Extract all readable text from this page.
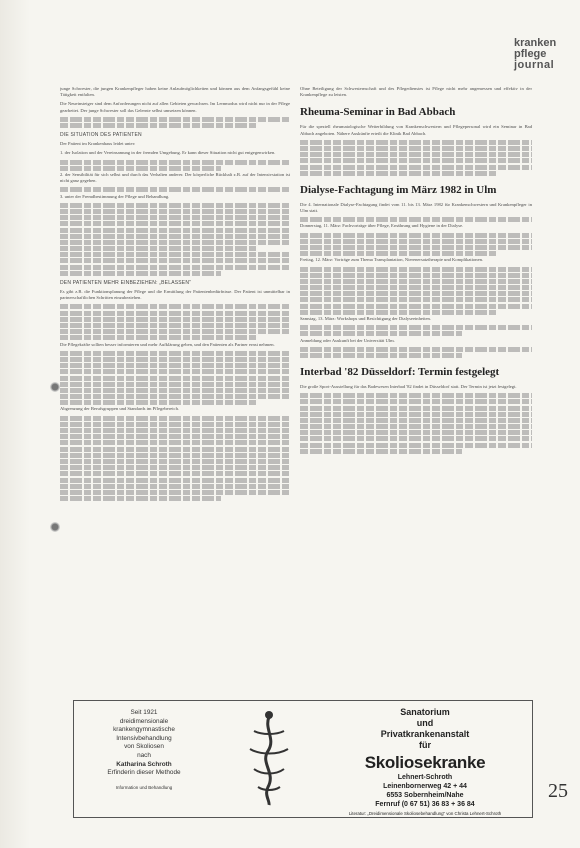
kranken
pflege
journal

junge Schwester, die jungen Krankenpfleger haben keine Anlaufmöglichkeiten und können aus dem Anfangsgefühl keine Tätigkeit entfalten.

Die Neueinsteiger sind dem Anforderungen nicht auf allen Gebieten gewachsen. Im Lernmodus wird nicht nur in der Pflege gearbeitet. Der junge Schwester soll das Gelernte selbst umsetzen können.

DIE SITUATION DES PATIENTEN

Der Patient im Krankenhaus leidet unter:

1. der Isolation und der Vereinsamung in der fremden Umgebung. Er kann dieser Situation nicht gut entgegenwirken.

2. der Sensibilität für sich selbst und durch das Verhalten anderer. Der körperliche Rückhalt z.B. auf der Intensivstation ist nicht ganz gegeben.

3. unter der Fremdbestimmung der Pflege und Behandlung.

DEN PATIENTEN MEHR EINBEZIEHEN: „BELASSEN“

Es gibt z.B. die Funktionsplanung der Pflege und die Ermittlung der Patientenbedürfnisse. Der Patient ist unmittelbar in partnerschaftlichen Schritten einzubeziehen.

Die Pflegekräfte sollten besser informieren und mehr Aufklärung geben, und den Patienten als Partner ernst nehmen.

Abgrenzung der Berufsgruppen und Standards im Pflegebereich.

Ohne Beteiligung der Schwesternschaft und des Pflegedienstes ist Pflege nicht mehr angemessen und effektiv in der Krankenpflege zu leisten.

Rheuma-Seminar in Bad Abbach

Für die speziell rheumatologische Weiterbildung von Krankenschwestern und Pflegepersonal wird ein Seminar in Bad Abbach angeboten. Nähere Auskünfte erteilt die Klinik Bad Abbach.

Dialyse-Fachtagung im März 1982 in Ulm

Die 4. Internationale Dialyse-Fachtagung findet vom 11. bis 13. März 1982 für Krankenschwestern und Krankenpfleger in Ulm statt.

Donnerstag, 11. März: Fachvorträge über Pflege, Ernährung und Hygiene in der Dialyse.

Freitag, 12. März: Vorträge zum Thema Transplantation, Nierenersatztherapie und Komplikationen.

Samstag, 13. März: Workshops und Besichtigung der Dialyseeinheiten.

Anmeldung oder Auskunft bei der Universität Ulm.

Interbad '82 Düsseldorf: Termin festgelegt

Die große Sport-Ausstellung für das Badewesen Interbad '82 findet in Düsseldorf statt. Der Termin ist jetzt festgelegt.

Seit 1921
dreidimensionale
krankengymnastische
Intensivbehandlung
von Skoliosen
nach
Katharina Schroth
Erfinderin dieser Methode
Information und Behandlung
Sanatorium
und
Privatkrankenanstalt
für
Skoliosekranke
Lehnert-Schroth
Leinenbornerweg 42 + 44
6553 Sobernheim/Nahe
Fernruf (0 67 51) 36 83 + 36 84
Literatur: „Dreidimensionale Skoliosebehandlung“ von Christa Lehnert-Schroth
25
